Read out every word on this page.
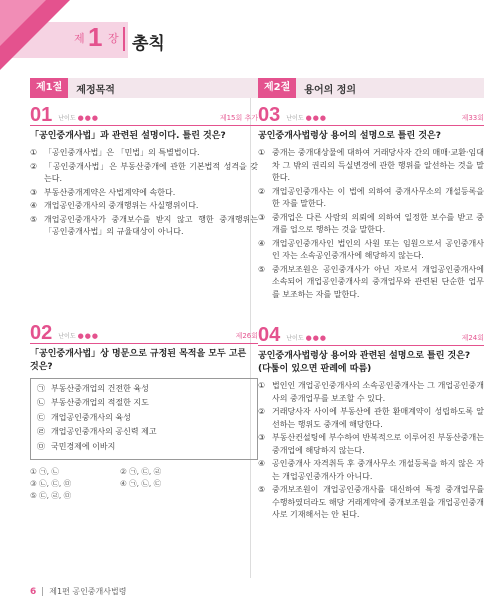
제 1 장 총칙
제1절	제정목적
01 난이도 ●●●	제15회 추가
「공인중개사법」과 관련된 설명이다. 틀린 것은?
① 「공인중개사법」은 「민법」의 특별법이다.
② 「공인중개사법」은 부동산중개에 관한 기본법적 성격을 갖는다.
③ 부동산중개계약은 사법계약에 속한다.
④ 개업공인중개사의 중개행위는 사실행위이다.
⑤ 개업공인중개사가 중개보수를 받지 않고 행한 중개행위는 「공인중개사법」의 규율대상이 아니다.
02 난이도 ●●●	제26회
「공인중개사법」상 명문으로 규정된 목적을 모두 고른 것은?
㉠ 부동산중개업의 건전한 육성
㉡ 부동산중개업의 적절한 지도
㉢ 개업공인중개사의 육성
㉣ 개업공인중개사의 공신력 제고
㉤ 국민경제에 이바지
① ㉠, ㉡	② ㉠, ㉢, ㉣
③ ㉡, ㉢, ㉤	④ ㉠, ㉡, ㉢
⑤ ㉢, ㉣, ㉤
제2절	용어의 정의
03 난이도 ●●●	제33회
공인중개사법령상 용어의 설명으로 틀린 것은?
① 중개는 중개대상물에 대하여 거래당사자 간의 매매·교환·임대차 그 밖의 권리의 득실변경에 관한 행위를 알선하는 것을 말한다.
② 개업공인중개사는 이 법에 의하여 중개사무소의 개설등록을 한 자를 말한다.
③ 중개업은 다른 사람의 의뢰에 의하여 일정한 보수를 받고 중개를 업으로 행하는 것을 말한다.
④ 개업공인중개사인 법인의 사원 또는 임원으로서 공인중개사인 자는 소속공인중개사에 해당하지 않는다.
⑤ 중개보조원은 공인중개사가 아닌 자로서 개업공인중개사에 소속되어 개업공인중개사의 중개업무와 관련된 단순한 업무를 보조하는 자를 말한다.
04 난이도 ●●●	제24회
공인중개사법령상 용어와 관련된 설명으로 틀린 것은? (다툼이 있으면 판례에 따름)
① 법인인 개업공인중개사의 소속공인중개사는 그 개업공인중개사의 중개업무를 보조할 수 있다.
② 거래당사자 사이에 부동산에 관한 환매계약이 성립하도록 알선하는 행위도 중개에 해당한다.
③ 부동산컨설팅에 부수하여 반복적으로 이루어진 부동산중개는 중개업에 해당하지 않는다.
④ 공인중개사 자격취득 후 중개사무소 개설등록을 하지 않은 자는 개업공인중개사가 아니다.
⑤ 중개보조원이 개업공인중개사를 대신하여 특정 중개업무를 수행하였더라도 해당 거래계약에 중개보조원을 개업공인중개사로 기재해서는 안 된다.
6 제1편 공인중개사법령
